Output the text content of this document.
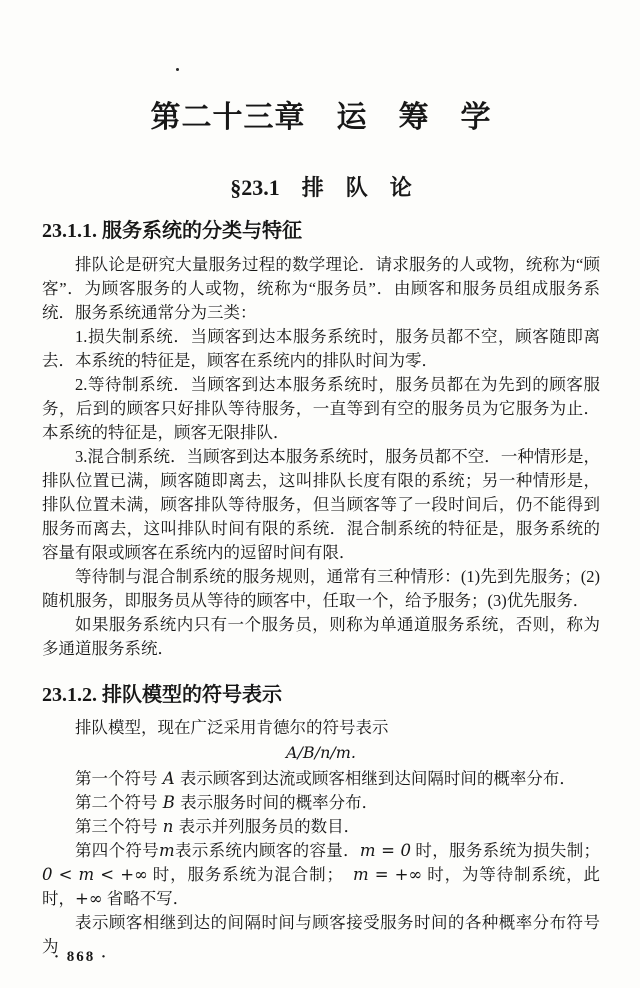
第二十三章　运　筹　学
§23.1　排　队　论
23.1.1. 服务系统的分类与特征

排队论是研究大量服务过程的数学理论．请求服务的人或物，统称为“顾客”．为顾客服务的人或物，统称为“服务员”．由顾客和服务员组成服务系统．服务系统通常分为三类：

1.损失制系统．当顾客到达本服务系统时，服务员都不空，顾客随即离去．本系统的特征是，顾客在系统内的排队时间为零．

2.等待制系统．当顾客到达本服务系统时，服务员都在为先到的顾客服务，后到的顾客只好排队等待服务，一直等到有空的服务员为它服务为止．本系统的特征是，顾客无限排队．

3.混合制系统．当顾客到达本服务系统时，服务员都不空．一种情形是，排队位置已满，顾客随即离去，这叫排队长度有限的系统；另一种情形是，排队位置未满，顾客排队等待服务，但当顾客等了一段时间后，仍不能得到服务而离去，这叫排队时间有限的系统．混合制系统的特征是，服务系统的容量有限或顾客在系统内的逗留时间有限．

等待制与混合制系统的服务规则，通常有三种情形：(1)先到先服务；(2)随机服务，即服务员从等待的顾客中，任取一个，给予服务；(3)优先服务．

如果服务系统内只有一个服务员，则称为单通道服务系统，否则，称为多通道服务系统．

23.1.2. 排队模型的符号表示

排队模型，现在广泛采用肯德尔的符号表示

A/B/n/m.

第一个符号 A 表示顾客到达流或顾客相继到达间隔时间的概率分布．

第二个符号 B 表示服务时间的概率分布．

第三个符号 n 表示并列服务员的数目．

第四个符号m表示系统内顾客的容量．m = 0 时，服务系统为损失制；0 < m < +∞ 时，服务系统为混合制；　m = +∞ 时，为等待制系统，此时，+∞ 省略不写．

表示顾客相继到达的间隔时间与顾客接受服务时间的各种概率分布符号为

· 868 ·
